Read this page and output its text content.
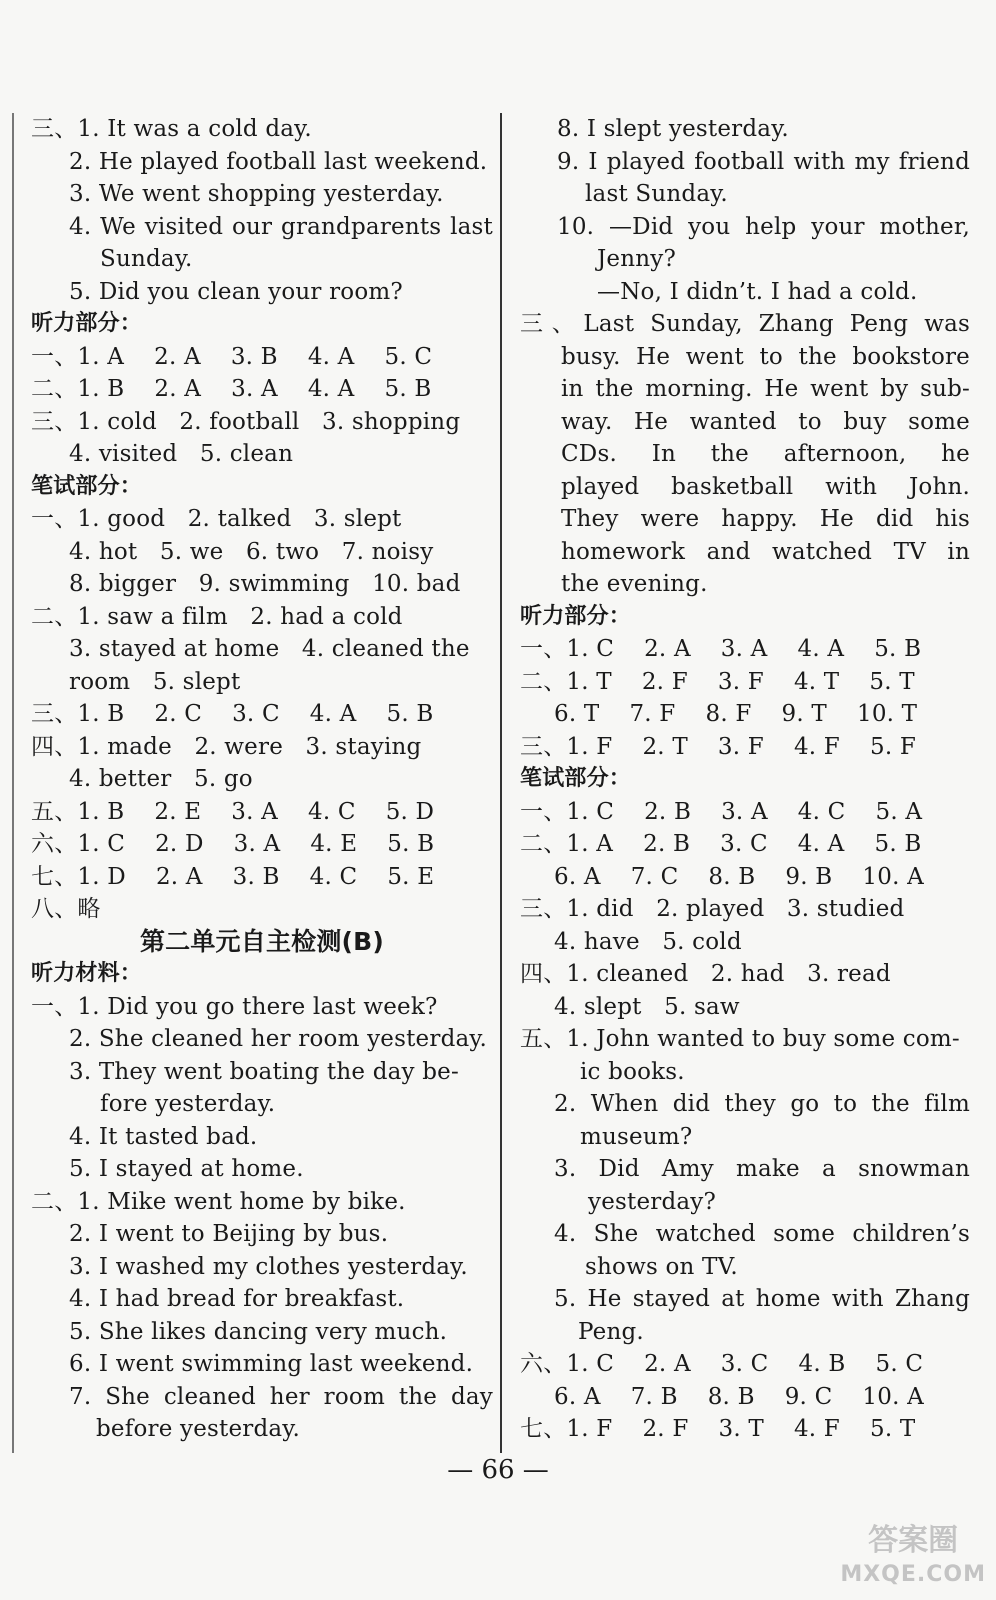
三、1. It was a cold day.
2. He played football last weekend.
3. We went shopping yesterday.
4. We visited our grandparents last
Sunday.
5. Did you clean your room?
听力部分：
一、1. A    2. A    3. B    4. A    5. C
二、1. B    2. A    3. A    4. A    5. B
三、1. cold   2. football   3. shopping
4. visited   5. clean
笔试部分：
一、1. good   2. talked   3. slept
4. hot   5. we   6. two   7. noisy
8. bigger   9. swimming   10. bad
二、1. saw a film   2. had a cold
3. stayed at home   4. cleaned the
room   5. slept
三、1. B    2. C    3. C    4. A    5. B
四、1. made   2. were   3. staying
4. better   5. go
五、1. B    2. E    3. A    4. C    5. D
六、1. C    2. D    3. A    4. E    5. B
七、1. D    2. A    3. B    4. C    5. E
八、略
第二单元自主检测(B)
听力材料：
一、1. Did you go there last week?
2. She cleaned her room yesterday.
3. They went boating the day be-
fore yesterday.
4. It tasted bad.
5. I stayed at home.
二、1. Mike went home by bike.
2. I went to Beijing by bus.
3. I washed my clothes yesterday.
4. I had bread for breakfast.
5. She likes dancing very much.
6. I went swimming last weekend.
7. She cleaned her room the day
before yesterday.
8. I slept yesterday.
9. I played football with my friend
last Sunday.
10. —Did you help your mother,
Jenny?
—No, I didn’t. I had a cold.
三、Last Sunday, Zhang Peng was
busy. He went to the bookstore
in the morning. He went by sub-
way. He wanted to buy some
CDs. In the afternoon, he
played basketball with John.
They were happy. He did his
homework and watched TV in
the evening.
听力部分：
一、1. C    2. A    3. A    4. A    5. B
二、1. T    2. F    3. F    4. T    5. T
6. T    7. F    8. F    9. T    10. T
三、1. F    2. T    3. F    4. F    5. F
笔试部分：
一、1. C    2. B    3. A    4. C    5. A
二、1. A    2. B    3. C    4. A    5. B
6. A    7. C    8. B    9. B    10. A
三、1. did   2. played   3. studied
4. have   5. cold
四、1. cleaned   2. had   3. read
4. slept   5. saw
五、1. John wanted to buy some com-
ic books.
2. When did they go to the film
museum?
3. Did Amy make a snowman
yesterday?
4. She watched some children’s
shows on TV.
5. He stayed at home with Zhang
Peng.
六、1. C    2. A    3. C    4. B    5. C
6. A    7. B    8. B    9. C    10. A
七、1. F    2. F    3. T    4. F    5. T
— 66 —
答案圈
MXQE.COM
